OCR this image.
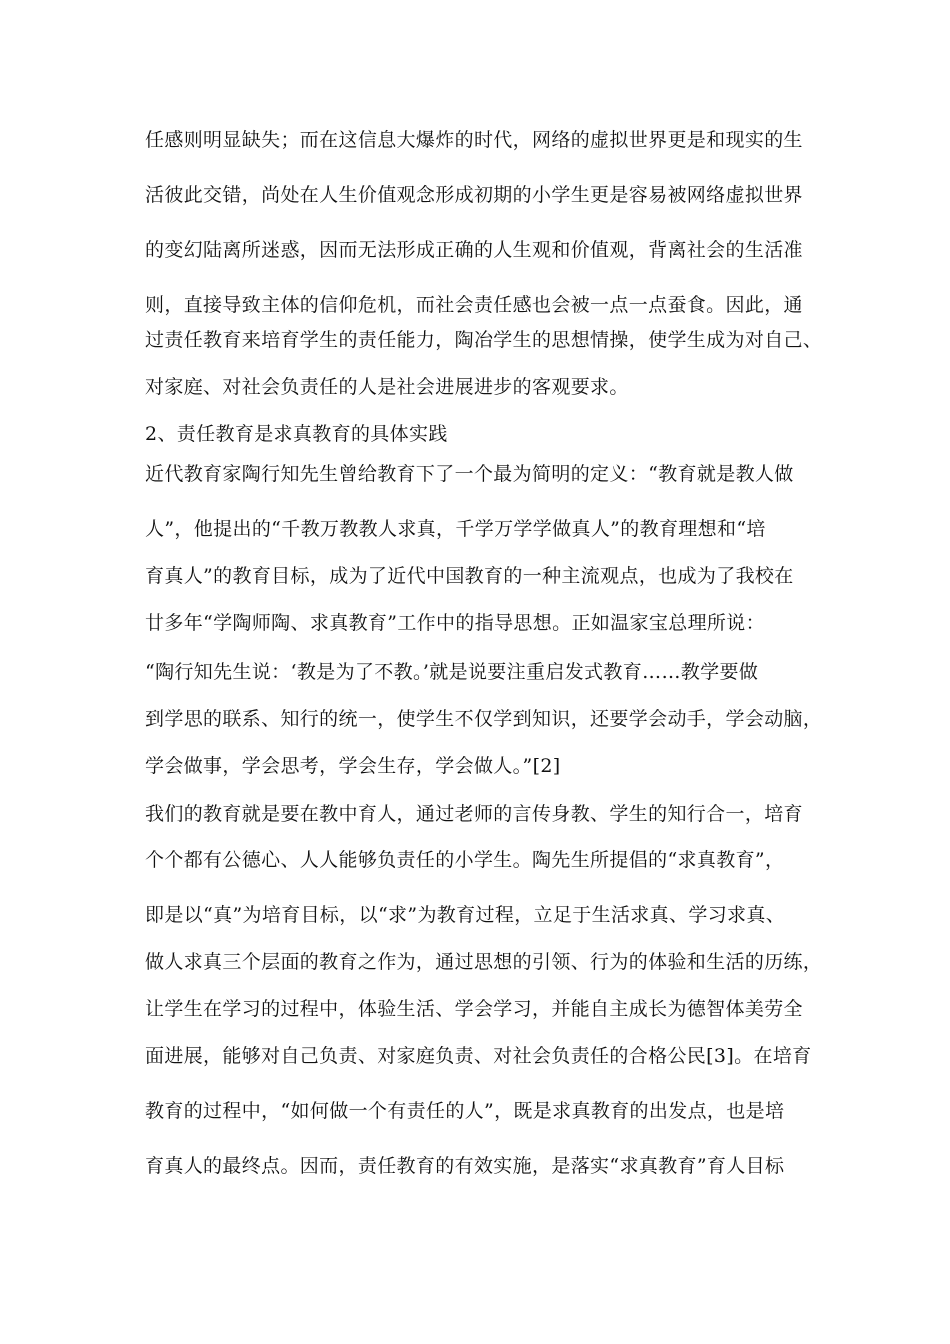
任感则明显缺失；而在这信息大爆炸的时代，网络的虚拟世界更是和现实的生
活彼此交错，尚处在人生价值观念形成初期的小学生更是容易被网络虚拟世界
的变幻陆离所迷惑，因而无法形成正确的人生观和价值观，背离社会的生活准
则，直接导致主体的信仰危机，而社会责任感也会被一点一点蚕食。因此，通
过责任教育来培育学生的责任能力，陶冶学生的思想情操，使学生成为对自己、
对家庭、对社会负责任的人是社会进展进步的客观要求。
2、责任教育是求真教育的具体实践
近代教育家陶行知先生曾给教育下了一个最为简明的定义：“教育就是教人做
人”，他提出的“千教万教教人求真，千学万学学做真人”的教育理想和“培
育真人”的教育目标，成为了近代中国教育的一种主流观点，也成为了我校在
廿多年“学陶师陶、求真教育”工作中的指导思想。正如温家宝总理所说：
“陶行知先生说：‘教是为了不教。’就是说要注重启发式教育……教学要做
到学思的联系、知行的统一，使学生不仅学到知识，还要学会动手，学会动脑，
学会做事，学会思考，学会生存，学会做人。”[2]
我们的教育就是要在教中育人，通过老师的言传身教、学生的知行合一，培育
个个都有公德心、人人能够负责任的小学生。陶先生所提倡的“求真教育”，
即是以“真”为培育目标，以“求”为教育过程，立足于生活求真、学习求真、
做人求真三个层面的教育之作为，通过思想的引领、行为的体验和生活的历练，
让学生在学习的过程中，体验生活、学会学习，并能自主成长为德智体美劳全
面进展，能够对自己负责、对家庭负责、对社会负责任的合格公民[3]。在培育
教育的过程中，“如何做一个有责任的人”，既是求真教育的出发点，也是培
育真人的最终点。因而，责任教育的有效实施，是落实“求真教育”育人目标
